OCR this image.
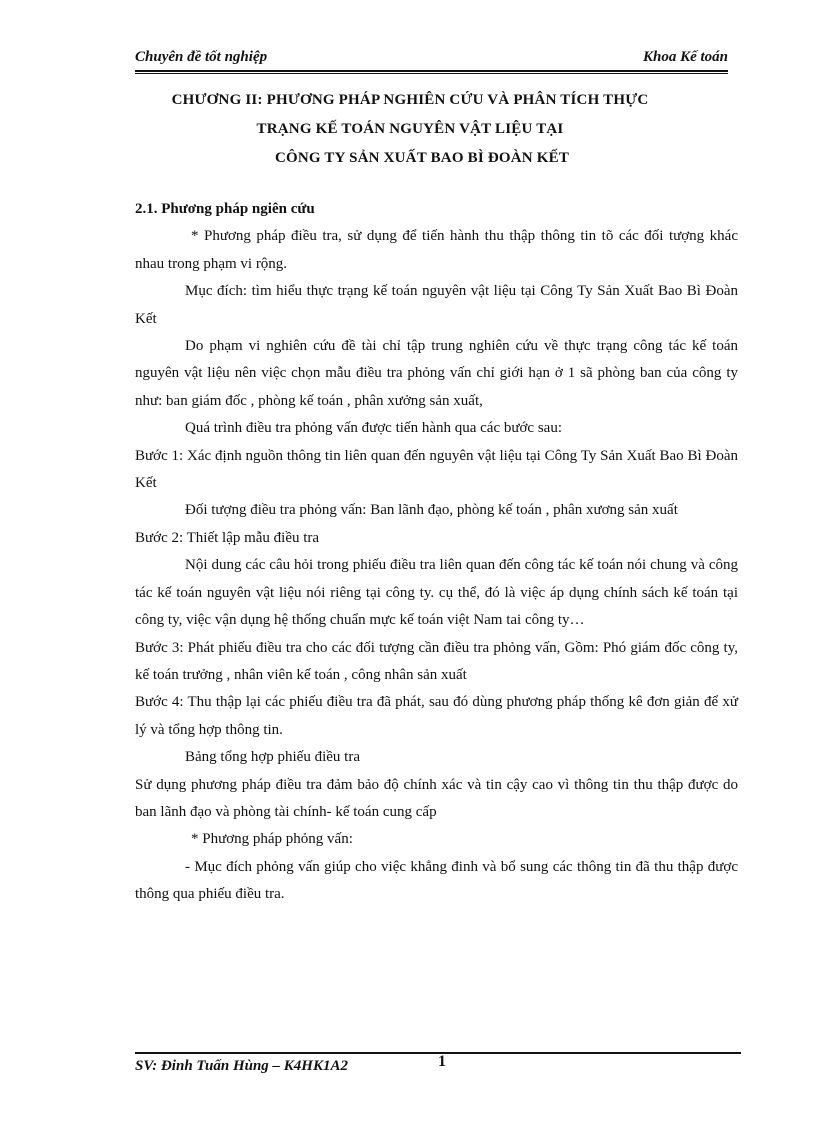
Chuyên đề tốt nghiệp	Khoa Kế toán
CHƯƠNG II: PHƯƠNG PHÁP NGHIÊN CỨU VÀ PHÂN TÍCH THỰC
TRẠNG KẾ TOÁN NGUYÊN VẬT LIỆU TẠI
CÔNG TY SẢN XUẤT BAO BÌ ĐOÀN KẾT

2.1. Phương pháp ngiên cứu

* Phương pháp điều tra, sử dụng để tiến hành thu thập thông tin tõ các đối tượng khác nhau trong phạm vi rộng.

Mục đích: tìm hiểu thực trạng kế toán nguyên vật liệu tại Công Ty Sản Xuất Bao Bì Đoàn Kết

Do phạm vi nghiên cứu đề tài chỉ tập trung nghiên cứu về thực trạng công tác kế toán nguyên vật liệu nên việc chọn mẫu điều tra phỏng vấn chỉ giới hạn ở 1 sã phòng ban của công ty như: ban giám đốc , phòng kế toán , phân xưởng sản xuất,

Quá trình điều tra phỏng vấn được tiến hành qua các bước sau:

Bước 1: Xác định nguồn thông tin liên quan đến nguyên vật liệu tại Công Ty Sản Xuất Bao Bì Đoàn Kết

Đối tượng điều tra phỏng vấn: Ban lãnh đạo, phòng kế toán , phân xương sản xuất

Bước 2: Thiết lập mẫu điều tra

Nội dung các câu hỏi trong phiếu điều tra liên quan đến công tác kế toán nói chung và công tác kế toán nguyên vật liệu nói riêng tại công ty. cụ thể, đó là việc áp dụng chính sách kế toán tại công ty, việc vận dụng hệ thống chuẩn mực kế toán việt Nam tai công ty…

Bước 3: Phát phiếu điều tra cho các đối tượng cần điều tra phỏng vấn, Gồm: Phó giám đốc công ty, kế toán trưởng , nhân viên kế toán , công nhân sản xuất

Bước 4: Thu thập lại các phiếu điều tra đã phát, sau đó dùng phương pháp thống kê đơn giản để xử lý và tổng hợp thông tin.

Bảng tổng hợp phiếu điều tra

Sử dụng phương pháp điều tra đảm bảo độ chính xác và tin cậy cao vì thông tin thu thập được do ban lãnh đạo và phòng tài chính- kế toán cung cấp

* Phương pháp phỏng vấn:

- Mục đích phỏng vấn giúp cho việc khẳng đinh và bổ sung các thông tin đã thu thập được thông qua phiếu điều tra.

SV: Đinh Tuấn Hùng – K4HK1A2	1
